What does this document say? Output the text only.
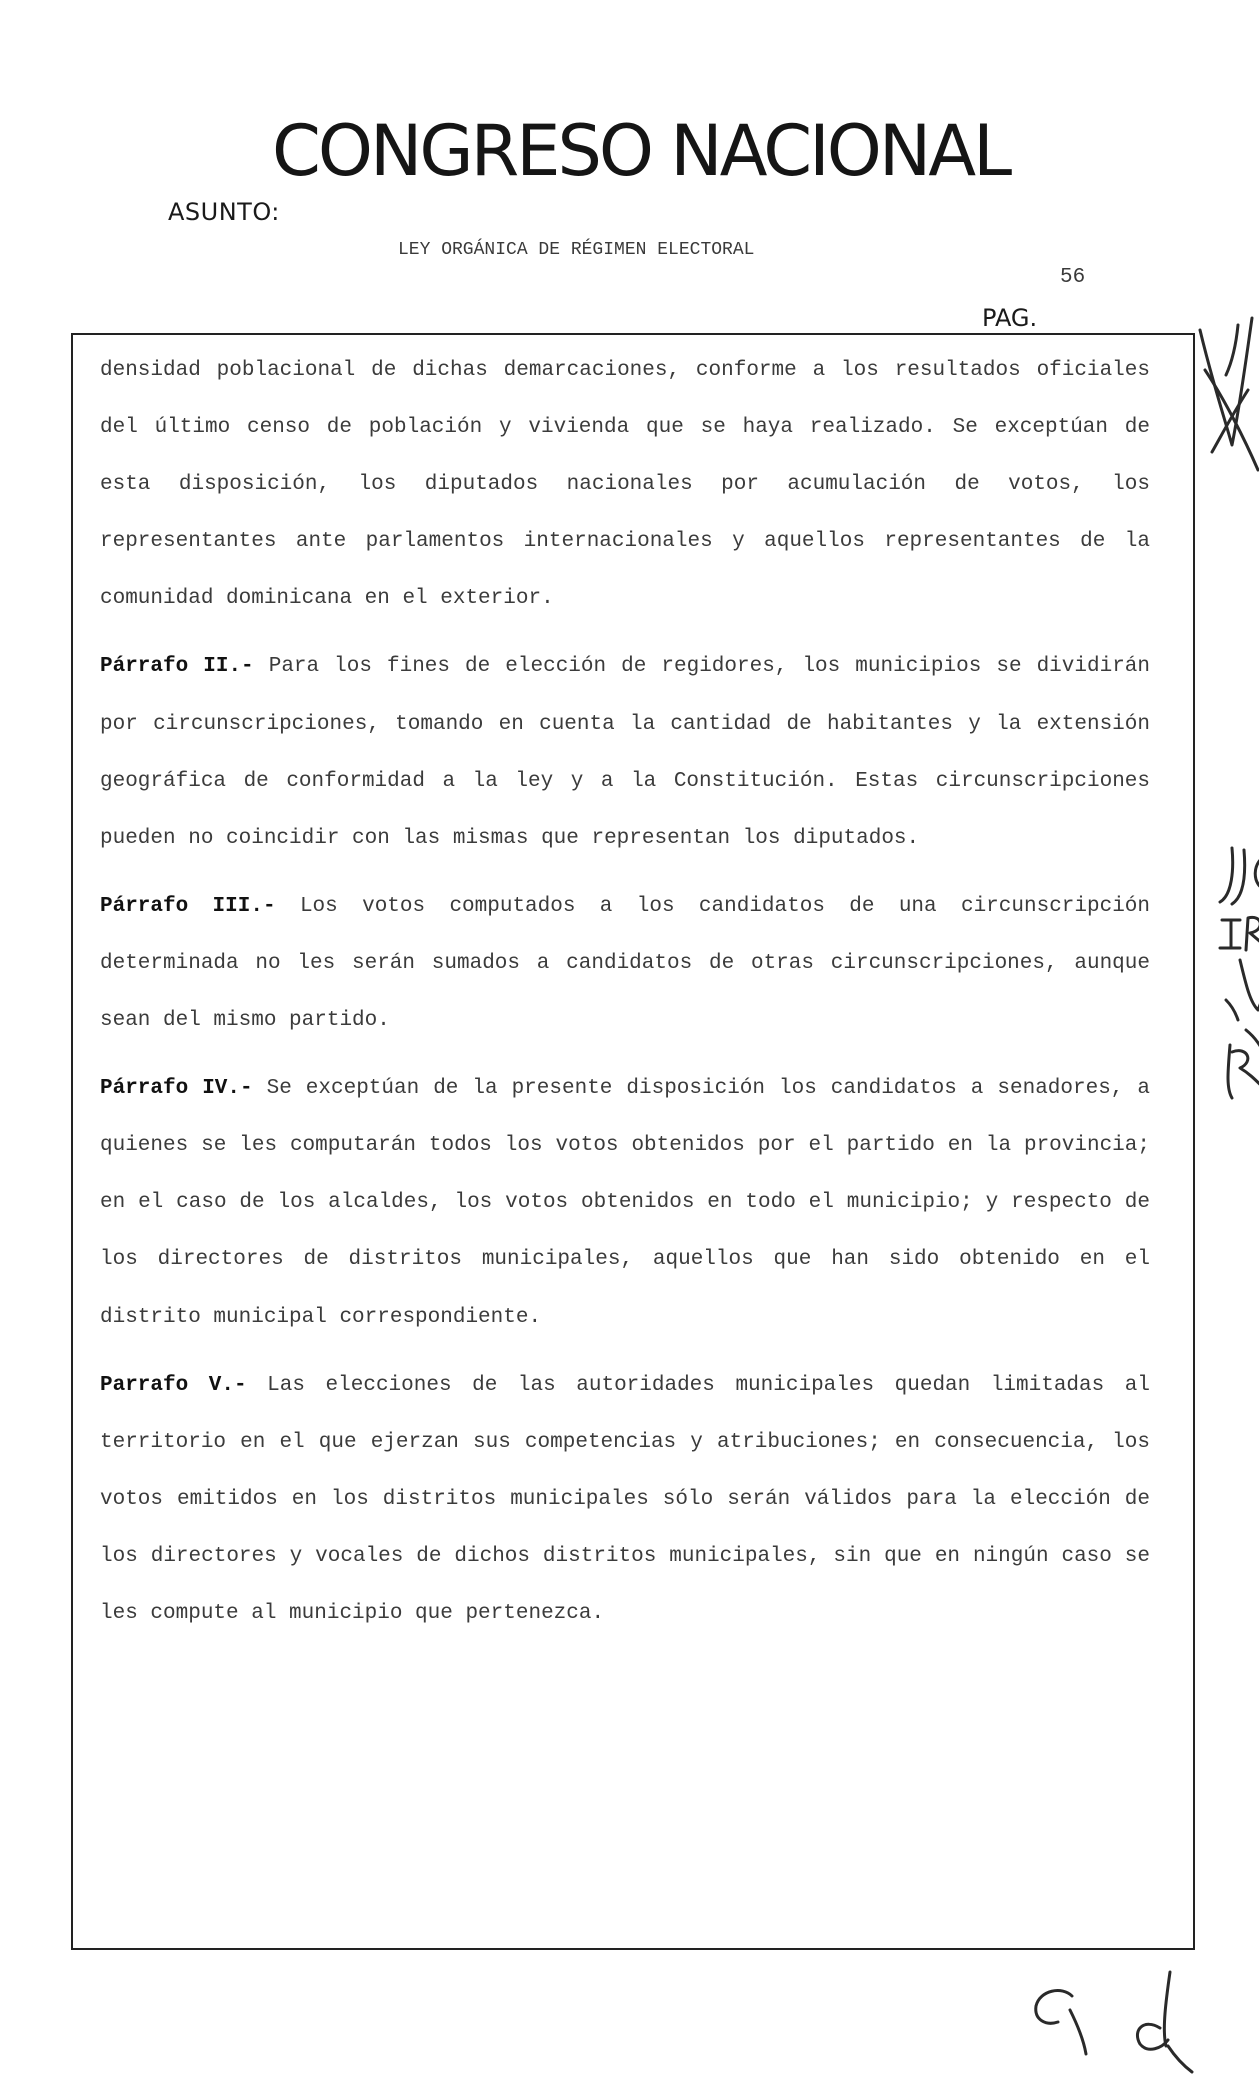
CONGRESO NACIONAL
ASUNTO:
LEY ORGÁNICA DE RÉGIMEN ELECTORAL
56
PAG.

densidad poblacional de dichas demarcaciones, conforme a los resultados oficiales del último censo de población y vivienda que se haya realizado. Se exceptúan de esta disposición, los diputados nacionales por acumulación de votos, los representantes ante parlamentos internacionales y aquellos representantes de la comunidad dominicana en el exterior.

Párrafo II.- Para los fines de elección de regidores, los municipios se dividirán por circunscripciones, tomando en cuenta la cantidad de habitantes y la extensión geográfica de conformidad a la ley y a la Constitución. Estas circunscripciones pueden no coincidir con las mismas que representan los diputados.

Párrafo III.- Los votos computados a los candidatos de una circunscripción determinada no les serán sumados a candidatos de otras circunscripciones, aunque sean del mismo partido.

Párrafo IV.- Se exceptúan de la presente disposición los candidatos a senadores, a quienes se les computarán todos los votos obtenidos por el partido en la provincia; en el caso de los alcaldes, los votos obtenidos en todo el municipio; y respecto de los directores de distritos municipales, aquellos que han sido obtenido en el distrito municipal correspondiente.

Parrafo V.- Las elecciones de las autoridades municipales quedan limitadas al territorio en el que ejerzan sus competencias y atribuciones; en consecuencia, los votos emitidos en los distritos municipales sólo serán válidos para la elección de los directores y vocales de dichos distritos municipales, sin que en ningún caso se les compute al municipio que pertenezca.
